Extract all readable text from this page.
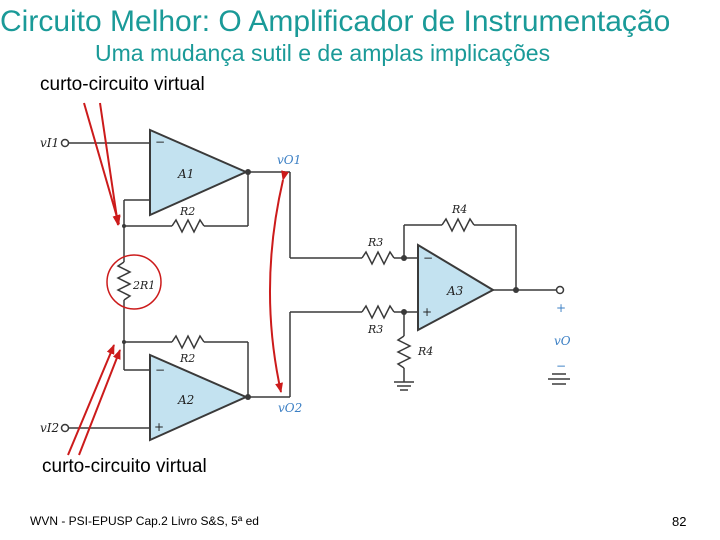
Circuito Melhor: O Amplificador de Instrumentação
Uma mudança sutil e de amplas implicações
curto-circuito virtual
curto-circuito virtual
vI1
vI2
A1
A2
A3
R2
R2
2R1
R3
R3
R4
R4
vO1
vO2
vO
−
+
−
−
+	+
−
WVN - PSI-EPUSP Cap.2 Livro S&S, 5ª ed	82
